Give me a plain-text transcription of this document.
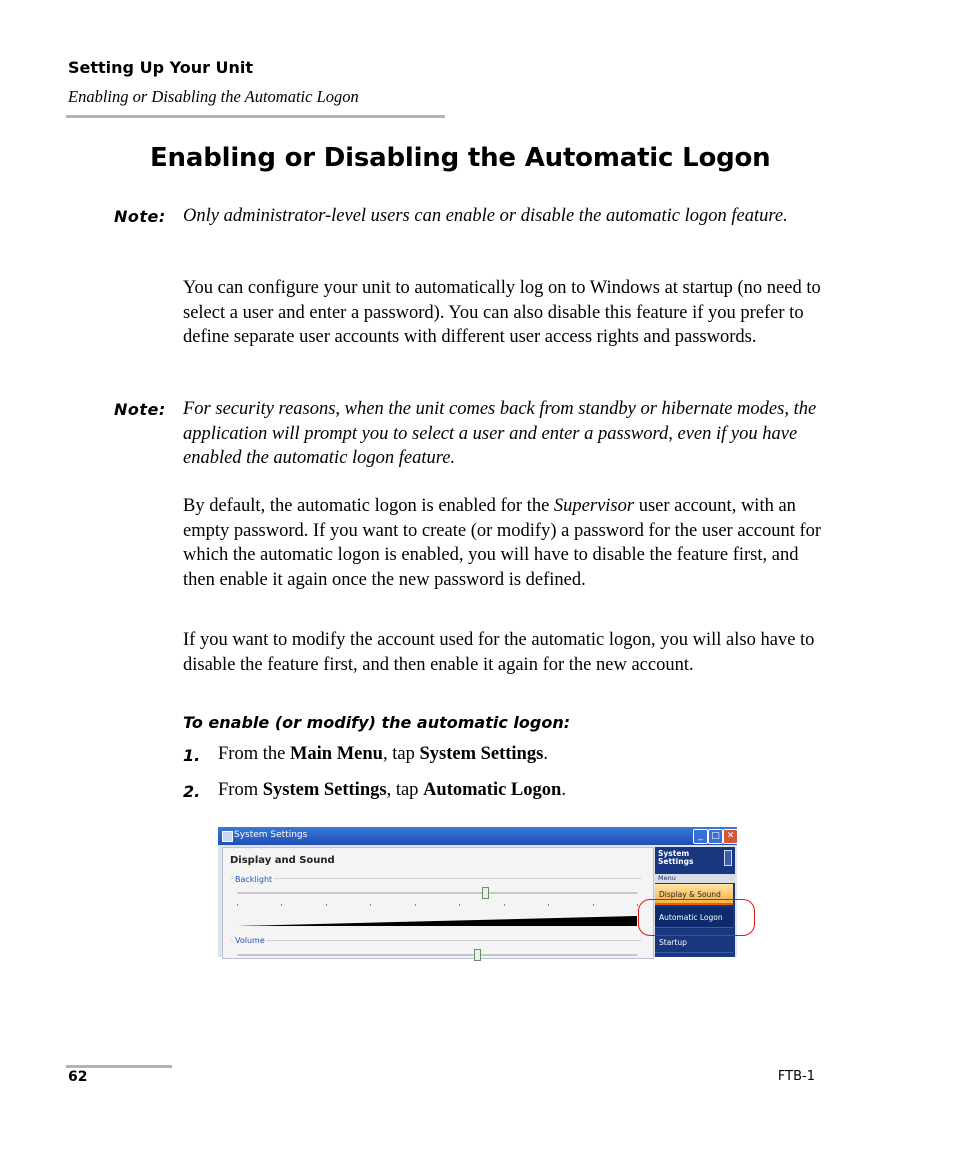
Setting Up Your Unit
Enabling or Disabling the Automatic Logon
Enabling or Disabling the Automatic Logon
Note: Only administrator-level users can enable or disable the automatic logon feature.
You can configure your unit to automatically log on to Windows at startup (no need to select a user and enter a password). You can also disable this feature if you prefer to define separate user accounts with different user access rights and passwords.
Note: For security reasons, when the unit comes back from standby or hibernate modes, the application will prompt you to select a user and enter a password, even if you have enabled the automatic logon feature.
By default, the automatic logon is enabled for the Supervisor user account, with an empty password. If you want to create (or modify) a password for the user account for which the automatic logon is enabled, you will have to disable the feature first, and then enable it again once the new password is defined.
If you want to modify the account used for the automatic logon, you will also have to disable the feature first, and then enable it again for the new account.
To enable (or modify) the automatic logon:
1. From the Main Menu, tap System Settings.
2. From System Settings, tap Automatic Logon.
System Settings	_ □ ✕
Display and Sound
Backlight
Volume
System
Settings
Menu
Display & Sound
Automatic Logon
Startup Applications
62	FTB-1
